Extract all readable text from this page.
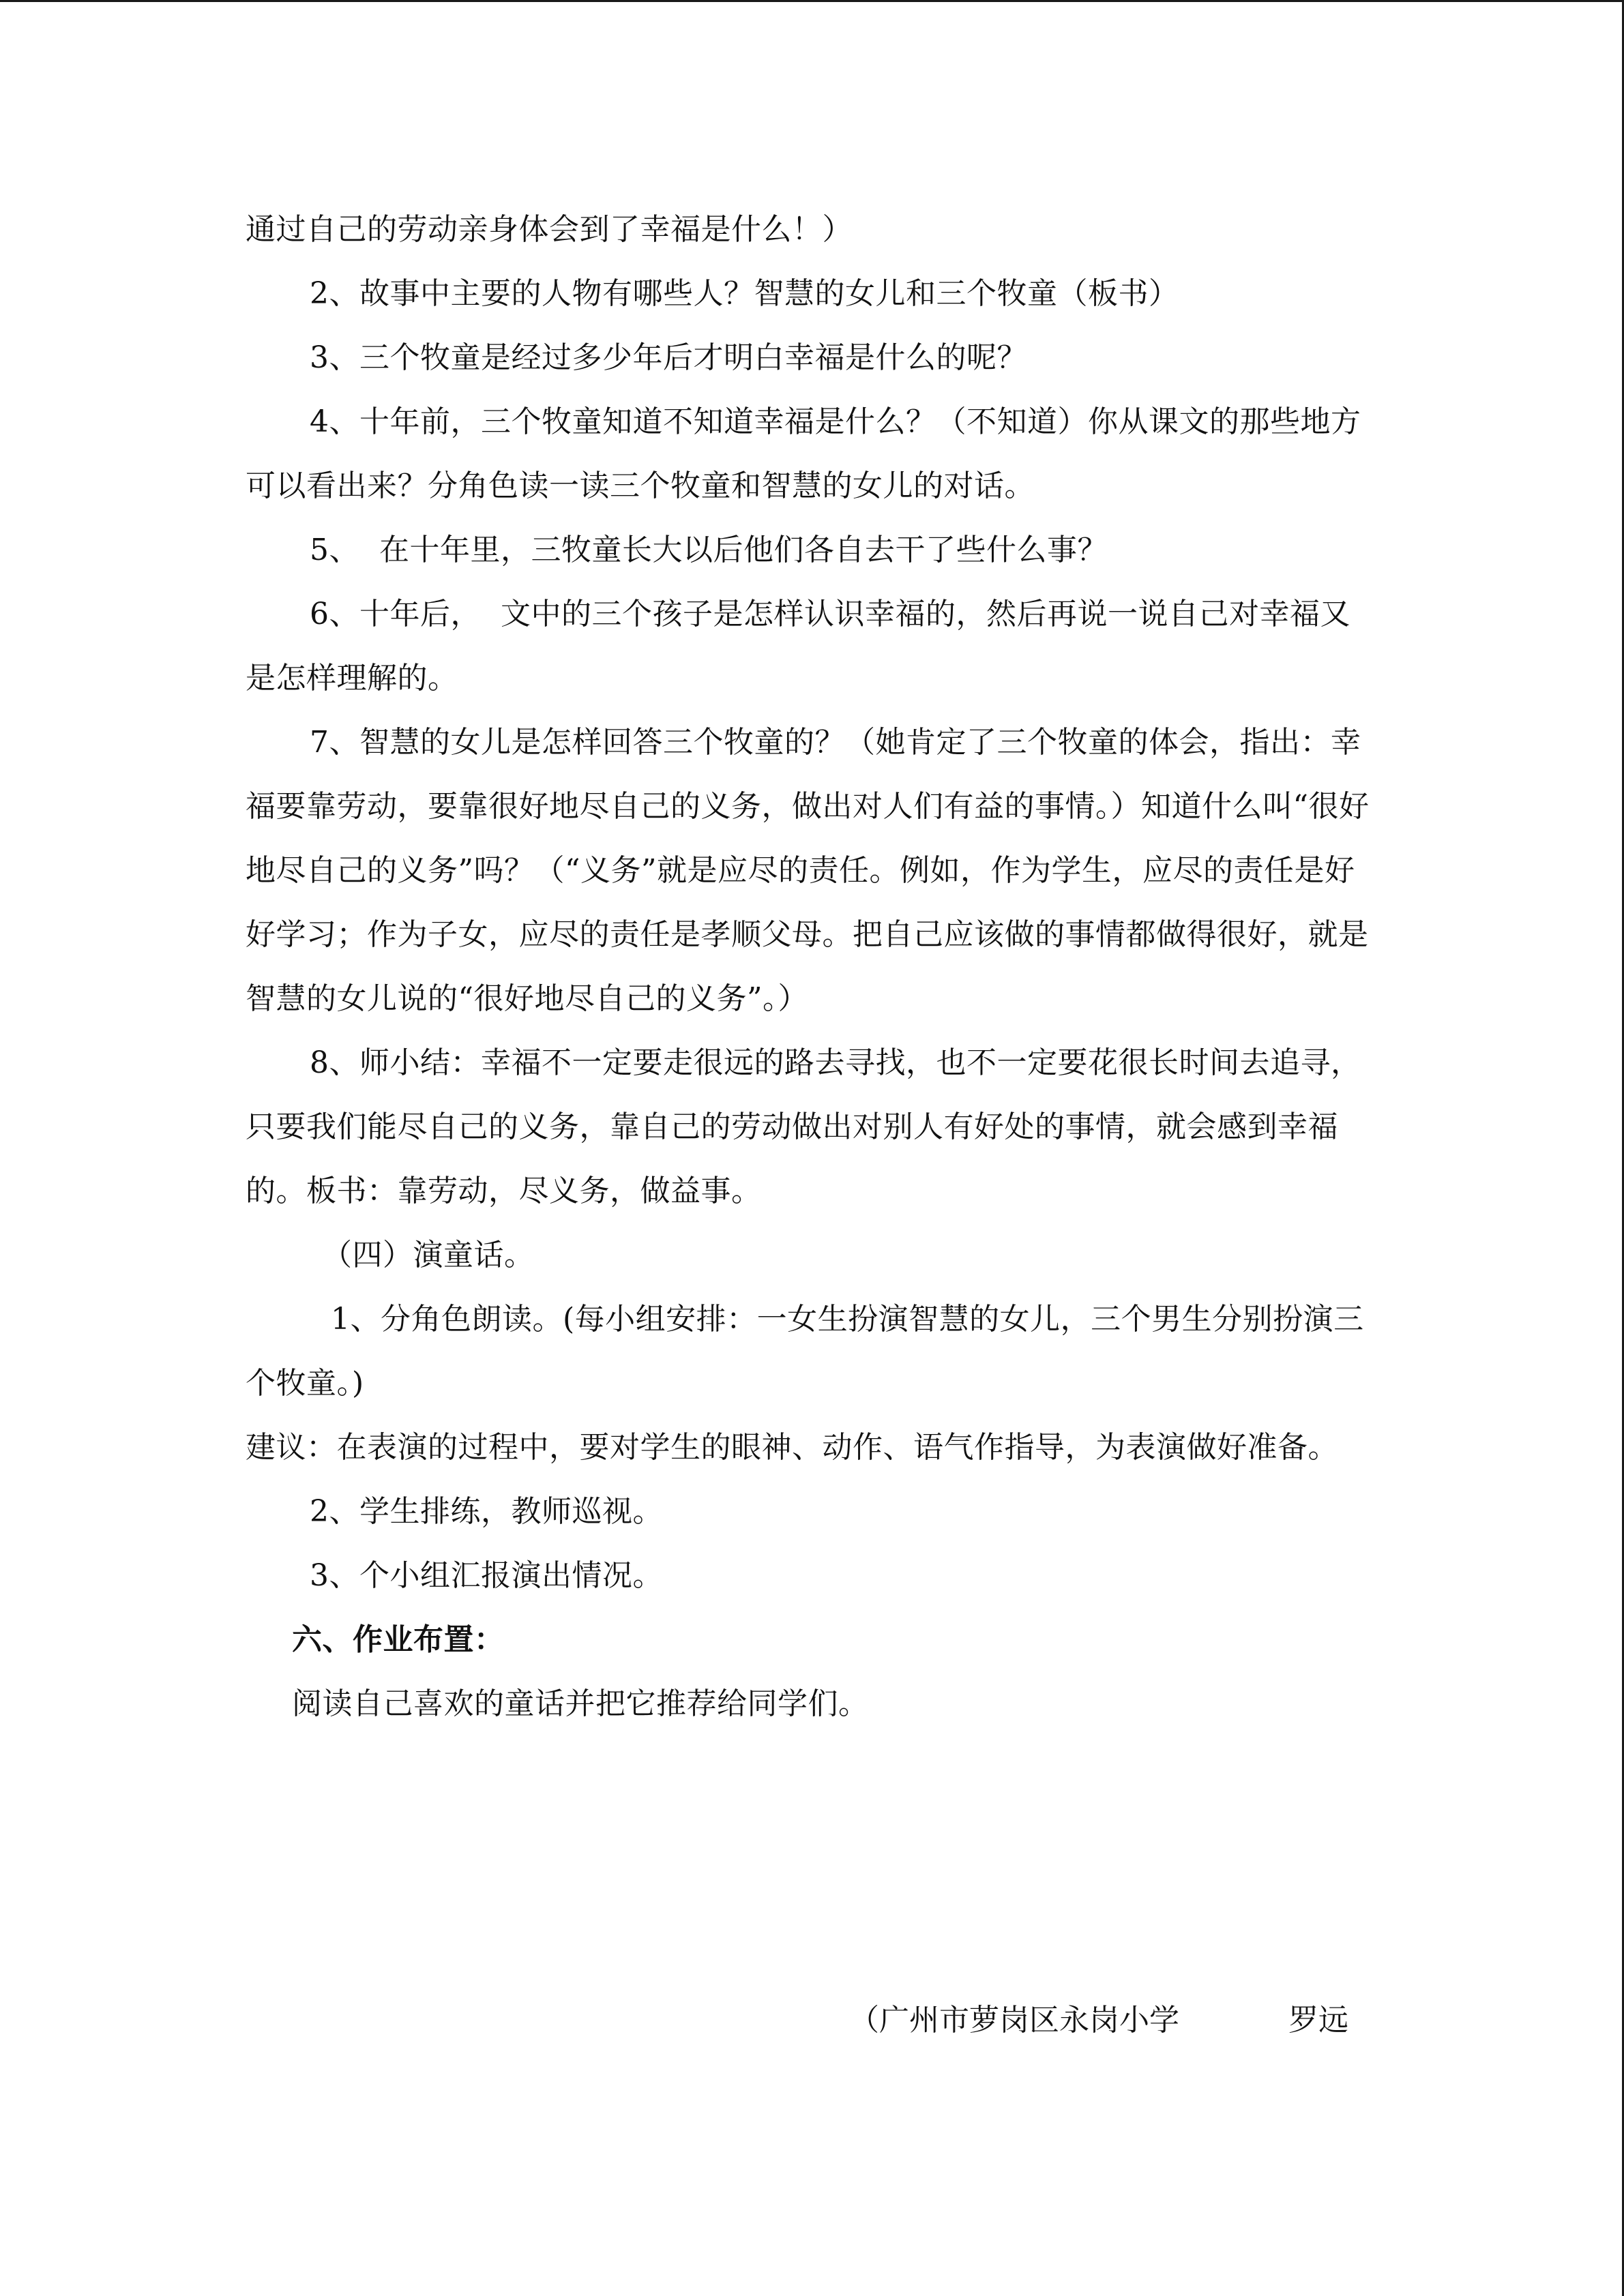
通过自己的劳动亲身体会到了幸福是什么！）

2、故事中主要的人物有哪些人？智慧的女儿和三个牧童（板书）

3、三个牧童是经过多少年后才明白幸福是什么的呢？

4、十年前，三个牧童知道不知道幸福是什么？（不知道）你从课文的那些地方可以看出来？分角色读一读三个牧童和智慧的女儿的对话。

5、  在十年里，三牧童长大以后他们各自去干了些什么事？

6、十年后，  文中的三个孩子是怎样认识幸福的，然后再说一说自己对幸福又是怎样理解的。

7、智慧的女儿是怎样回答三个牧童的？（她肯定了三个牧童的体会，指出：幸福要靠劳动，要靠很好地尽自己的义务，做出对人们有益的事情。）知道什么叫“很好地尽自己的义务”吗？（“义务”就是应尽的责任。例如，作为学生，应尽的责任是好好学习；作为子女，应尽的责任是孝顺父母。把自己应该做的事情都做得很好，就是智慧的女儿说的“很好地尽自己的义务”。）

8、师小结：幸福不一定要走很远的路去寻找，也不一定要花很长时间去追寻，只要我们能尽自己的义务，靠自己的劳动做出对别人有好处的事情，就会感到幸福的。板书：靠劳动，尽义务，做益事。

（四）演童话。

1、分角色朗读。(每小组安排：一女生扮演智慧的女儿，三个男生分别扮演三个牧童。)

建议：在表演的过程中，要对学生的眼神、动作、语气作指导，为表演做好准备。

2、学生排练，教师巡视。

3、个小组汇报演出情况。

六、作业布置：

阅读自己喜欢的童话并把它推荐给同学们。

（广州市萝岗区永岗小学	罗远
